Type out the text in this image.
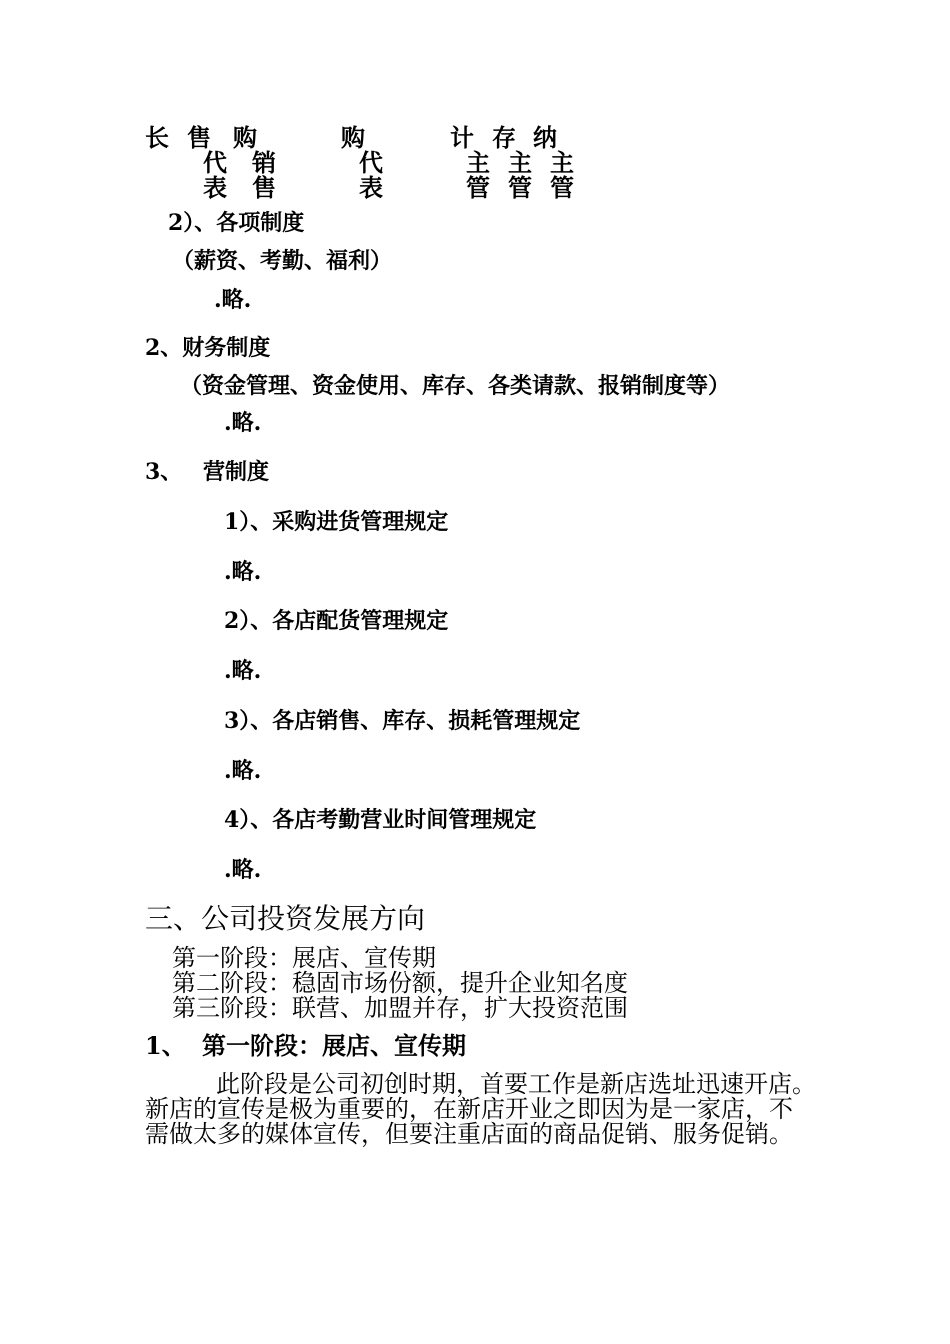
长 售 购	购	计 存 纳
代 销	代	主 主 主
表 售	表	管 管 管
2）、各项制度
（薪资、考勤、福利）
.略.
2、财务制度
（资金管理、资金使用、库存、各类请款、报销制度等）
.略.
3、 营制度
1）、采购进货管理规定
.略.
2）、各店配货管理规定
.略.
3）、各店销售、库存、损耗管理规定
.略.
4）、各店考勤营业时间管理规定
.略.
三、公司投资发展方向
第一阶段：展店、宣传期
第二阶段：稳固市场份额，提升企业知名度
第三阶段：联营、加盟并存，扩大投资范围
1、 第一阶段：展店、宣传期
此阶段是公司初创时期，首要工作是新店选址迅速开店。
新店的宣传是极为重要的，在新店开业之即因为是一家店，不
需做太多的媒体宣传，但要注重店面的商品促销、服务促销。
